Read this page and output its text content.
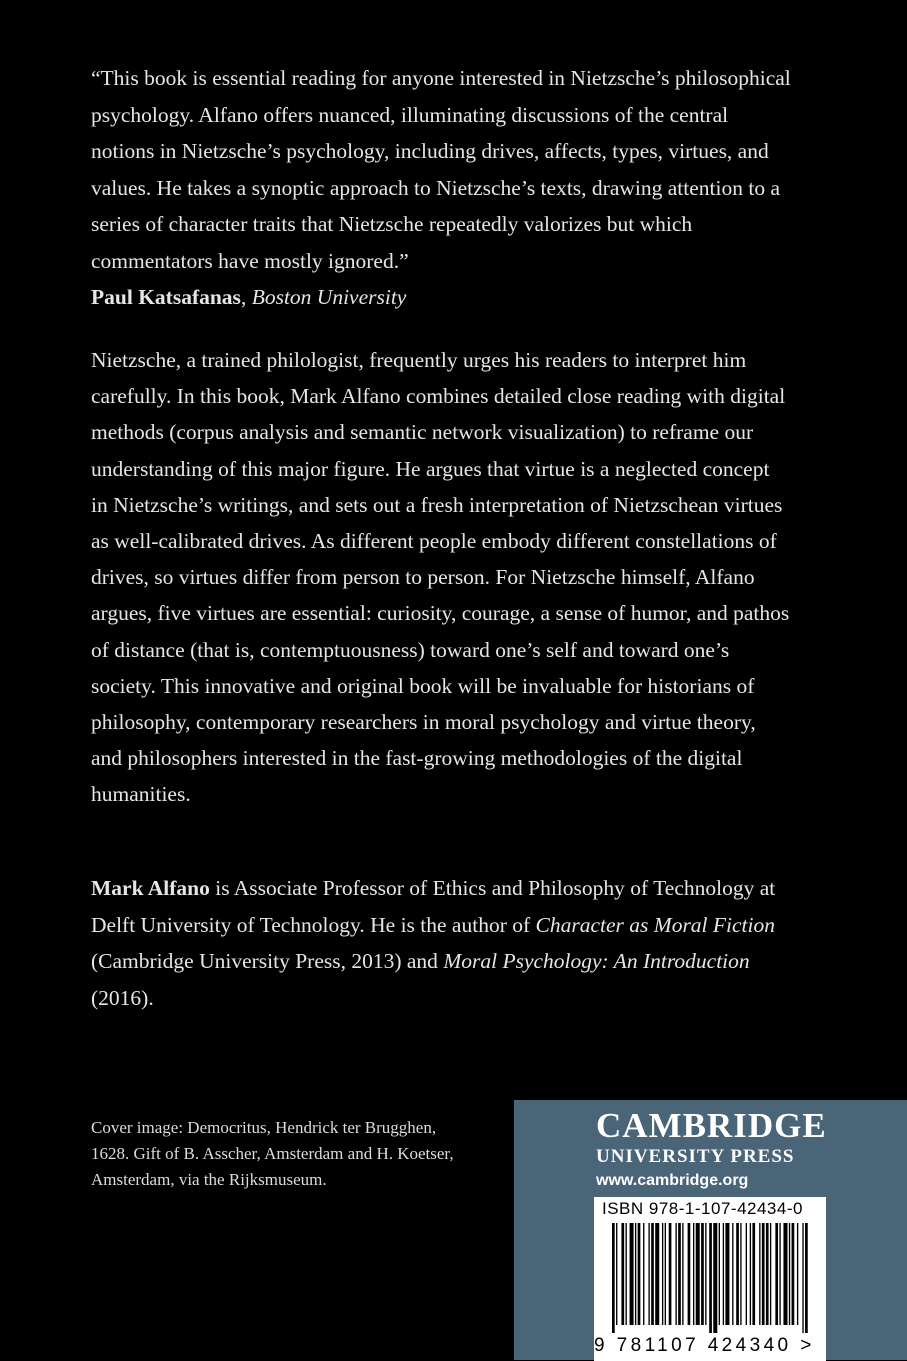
“This book is essential reading for anyone interested in Nietzsche’s philosophical psychology. Alfano offers nuanced, illuminating discussions of the central notions in Nietzsche’s psychology, including drives, affects, types, virtues, and values. He takes a synoptic approach to Nietzsche’s texts, drawing attention to a series of character traits that Nietzsche repeatedly valorizes but which commentators have mostly ignored.”
Paul Katsafanas, Boston University

Nietzsche, a trained philologist, frequently urges his readers to interpret him carefully. In this book, Mark Alfano combines detailed close reading with digital methods (corpus analysis and semantic network visualization) to reframe our understanding of this major figure. He argues that virtue is a neglected concept in Nietzsche’s writings, and sets out a fresh interpretation of Nietzschean virtues as well-calibrated drives. As different people embody different constellations of drives, so virtues differ from person to person. For Nietzsche himself, Alfano argues, five virtues are essential: curiosity, courage, a sense of humor, and pathos of distance (that is, contemptuousness) toward one’s self and toward one’s society. This innovative and original book will be invaluable for historians of philosophy, contemporary researchers in moral psychology and virtue theory, and philosophers interested in the fast-growing methodologies of the digital humanities.

Mark Alfano is Associate Professor of Ethics and Philosophy of Technology at Delft University of Technology. He is the author of Character as Moral Fiction (Cambridge University Press, 2013) and Moral Psychology: An Introduction (2016).

Cover image: Democritus, Hendrick ter Brugghen, 1628. Gift of B. Asscher, Amsterdam and H. Koetser, Amsterdam, via the Rijksmuseum.

CAMBRIDGE
UNIVERSITY PRESS
www.cambridge.org
ISBN 978-1-107-42434-0
9 781107 424340 >
